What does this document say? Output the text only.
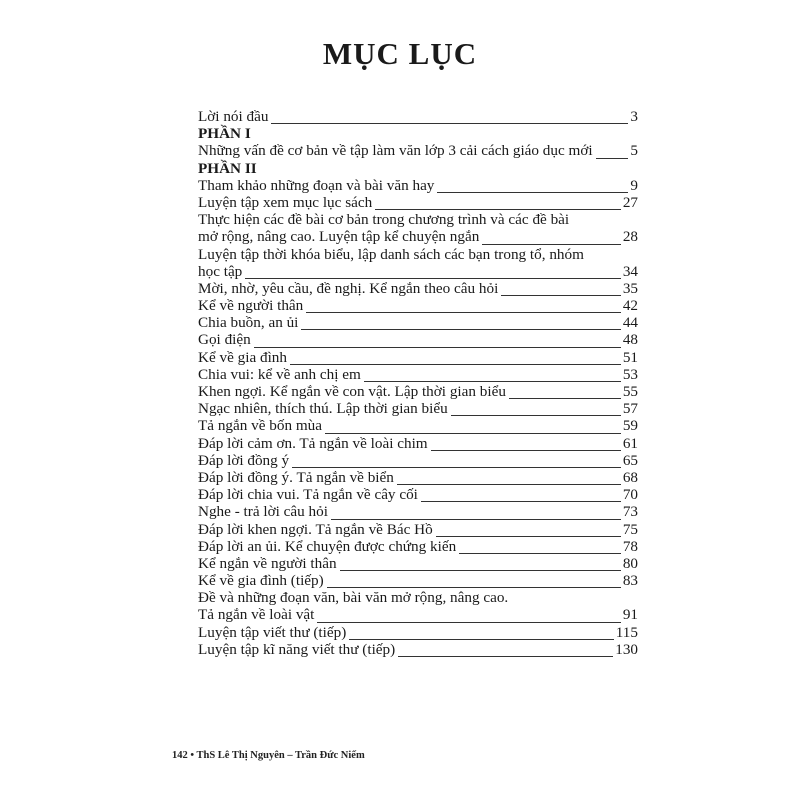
MỤC LỤC
Lời nói đầu	3
PHẦN I
Những vấn đề cơ bản về tập làm văn lớp 3 cải cách giáo dục mới 5
PHẦN II
Tham khảo những đoạn và bài văn hay	9
Luyện tập xem mục lục sách	27
Thực hiện các đề bài cơ bản trong chương trình và các đề bài
mở rộng, nâng cao. Luyện tập kể chuyện ngắn	28
Luyện tập thời khóa biểu, lập danh sách các bạn trong tổ, nhóm
học tập	34
Mời, nhờ, yêu cầu, đề nghị. Kể ngắn theo câu hỏi	35
Kể về người thân	42
Chia buồn, an ủi	44
Gọi điện	48
Kể về gia đình	51
Chia vui: kể về anh chị em	53
Khen ngợi. Kể ngắn về con vật. Lập thời gian biểu	55
Ngạc nhiên, thích thú. Lập thời gian biểu	57
Tả ngắn về bốn mùa	59
Đáp lời cảm ơn. Tả ngắn về loài chim	61
Đáp lời đồng ý	65
Đáp lời đồng ý. Tả ngắn về biển	68
Đáp lời chia vui. Tả ngắn về cây cối	70
Nghe - trả lời câu hỏi	73
Đáp lời khen ngợi. Tả ngắn về Bác Hồ	75
Đáp lời an ủi. Kể chuyện được chứng kiến	78
Kể ngắn về người thân	80
Kể về gia đình (tiếp)	83
Đề và những đoạn văn, bài văn mở rộng, nâng cao.
Tả ngắn về loài vật	91
Luyện tập viết thư (tiếp)	115
Luyện tập kĩ năng viết thư (tiếp)	130
142 • ThS Lê Thị Nguyên – Trần Đức Niếm
